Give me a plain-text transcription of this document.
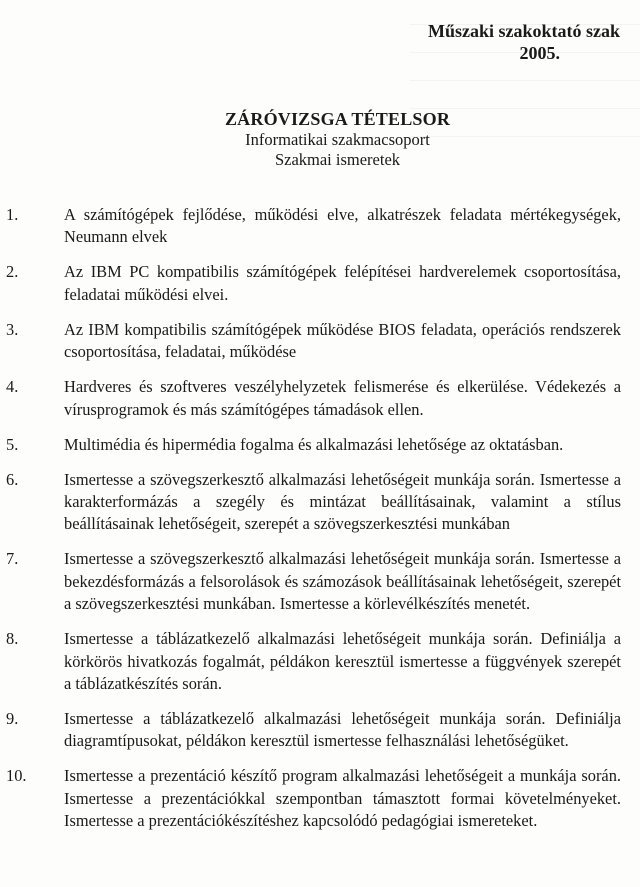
Műszaki szakoktató szak

2005.
ZÁRÓVIZSGA TÉTELSOR
Informatikai szakmacsoport
Szakmai ismeretek
1.	A számítógépek fejlődése, működési elve, alkatrészek feladata mértékegységek, Neumann elvek
2.	Az IBM PC kompatibilis számítógépek felépítései hardverelemek csoportosítása, feladatai működési elvei.
3.	Az IBM kompatibilis számítógépek működése BIOS feladata, operációs rendszerek csoportosítása, feladatai, működése
4.	Hardveres és szoftveres veszélyhelyzetek felismerése és elkerülése. Védekezés a vírusprogramok és más számítógépes támadások ellen.
5.	Multimédia és hipermédia fogalma és alkalmazási lehetősége az oktatásban.
6.	Ismertesse a szövegszerkesztő alkalmazási lehetőségeit munkája során. Ismertesse a karakterformázás a szegély és mintázat beállításainak, valamint a stílus beállításainak lehetőségeit, szerepét a szövegszerkesztési munkában
7.	Ismertesse a szövegszerkesztő alkalmazási lehetőségeit munkája során. Ismertesse a bekezdésformázás a felsorolások és számozások beállításainak lehetőségeit, szerepét a szövegszerkesztési munkában. Ismertesse a körlevélkészítés menetét.
8.	Ismertesse a táblázatkezelő alkalmazási lehetőségeit munkája során. Definiálja a körkörös hivatkozás fogalmát, példákon keresztül ismertesse a függvények szerepét a táblázatkészítés során.
9.	Ismertesse a táblázatkezelő alkalmazási lehetőségeit munkája során. Definiálja diagramtípusokat, példákon keresztül ismertesse felhasználási lehetőségüket.
10. Ismertesse a prezentáció készítő program alkalmazási lehetőségeit a munkája során. Ismertesse a prezentációkkal szempontban támasztott formai követelményeket. Ismertesse a prezentációkészítéshez kapcsolódó pedagógiai ismereteket.
